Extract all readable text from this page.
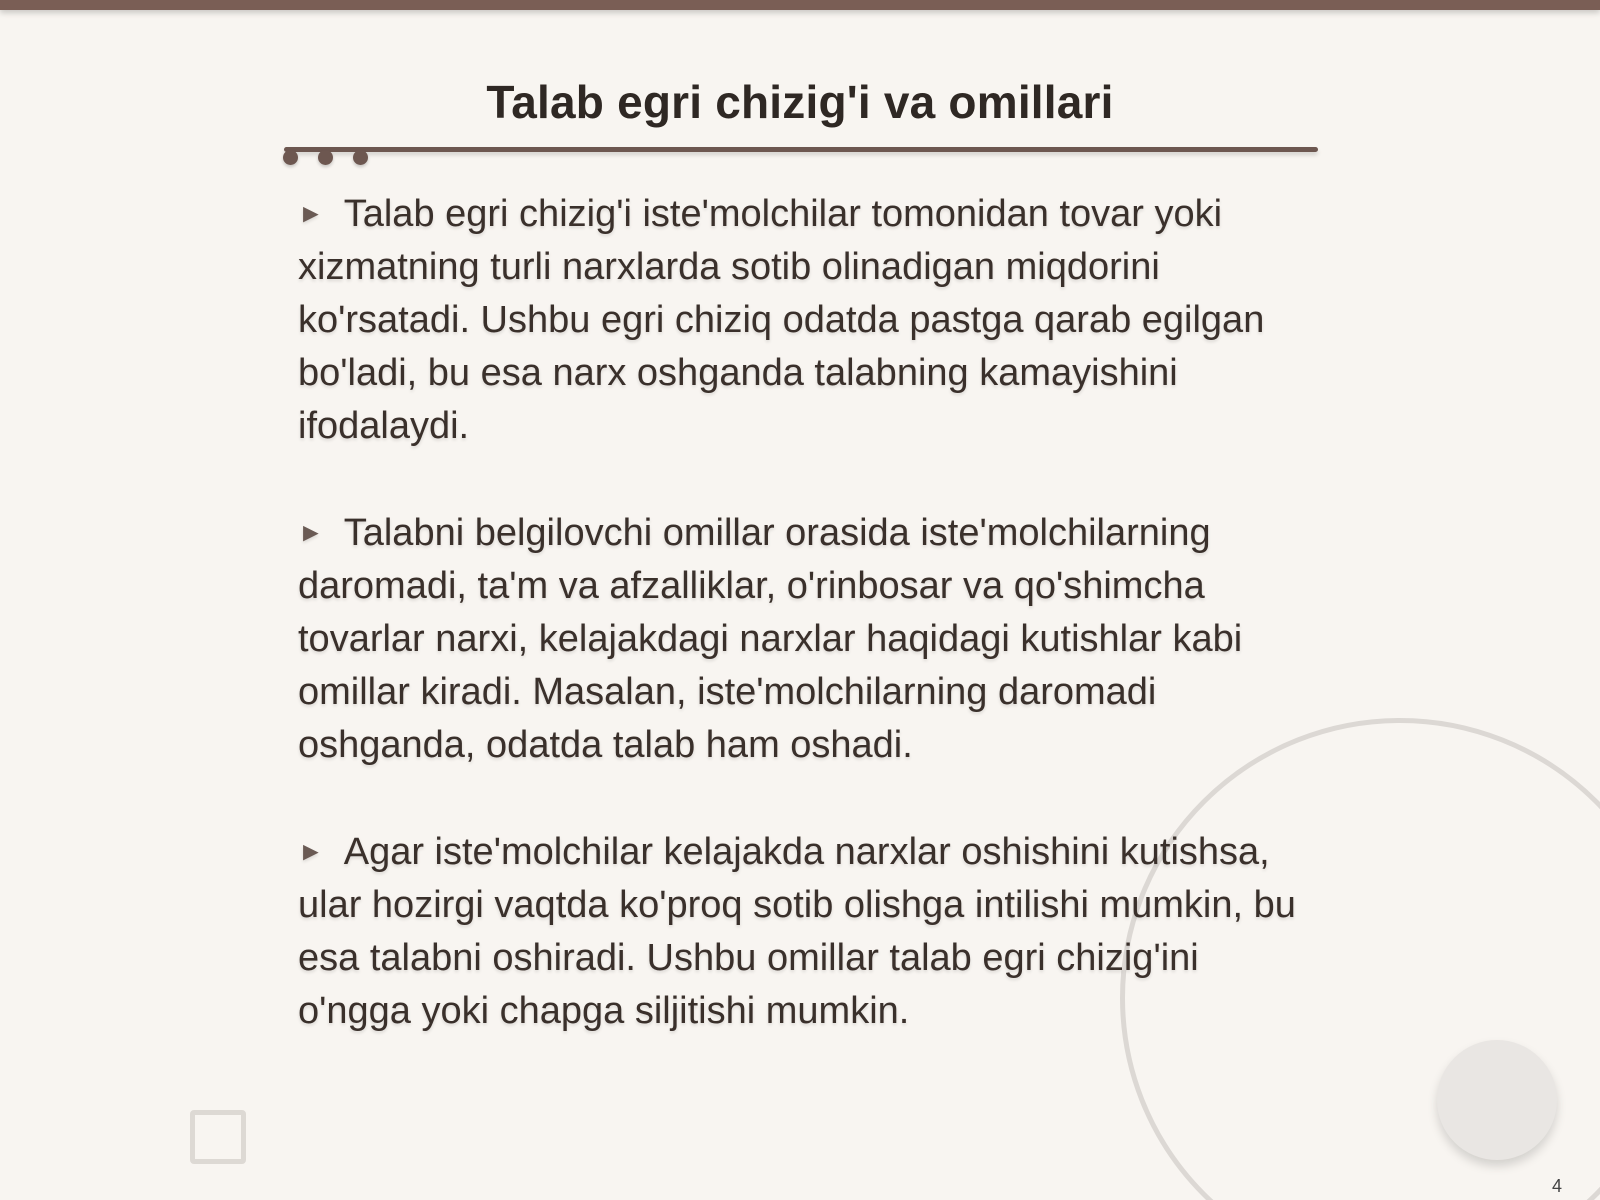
Talab egri chizig'i va omillari

► Talab egri chizig'i iste'molchilar tomonidan tovar yoki xizmatning turli narxlarda sotib olinadigan miqdorini ko'rsatadi. Ushbu egri chiziq odatda pastga qarab egilgan bo'ladi, bu esa narx oshganda talabning kamayishini ifodalaydi.

► Talabni belgilovchi omillar orasida iste'molchilarning daromadi, ta'm va afzalliklar, o'rinbosar va qo'shimcha tovarlar narxi, kelajakdagi narxlar haqidagi kutishlar kabi omillar kiradi. Masalan, iste'molchilarning daromadi oshganda, odatda talab ham oshadi.

► Agar iste'molchilar kelajakda narxlar oshishini kutishsa, ular hozirgi vaqtda ko'proq sotib olishga intilishi mumkin, bu esa talabni oshiradi. Ushbu omillar talab egri chizig'ini o'ngga yoki chapga siljitishi mumkin.

4
